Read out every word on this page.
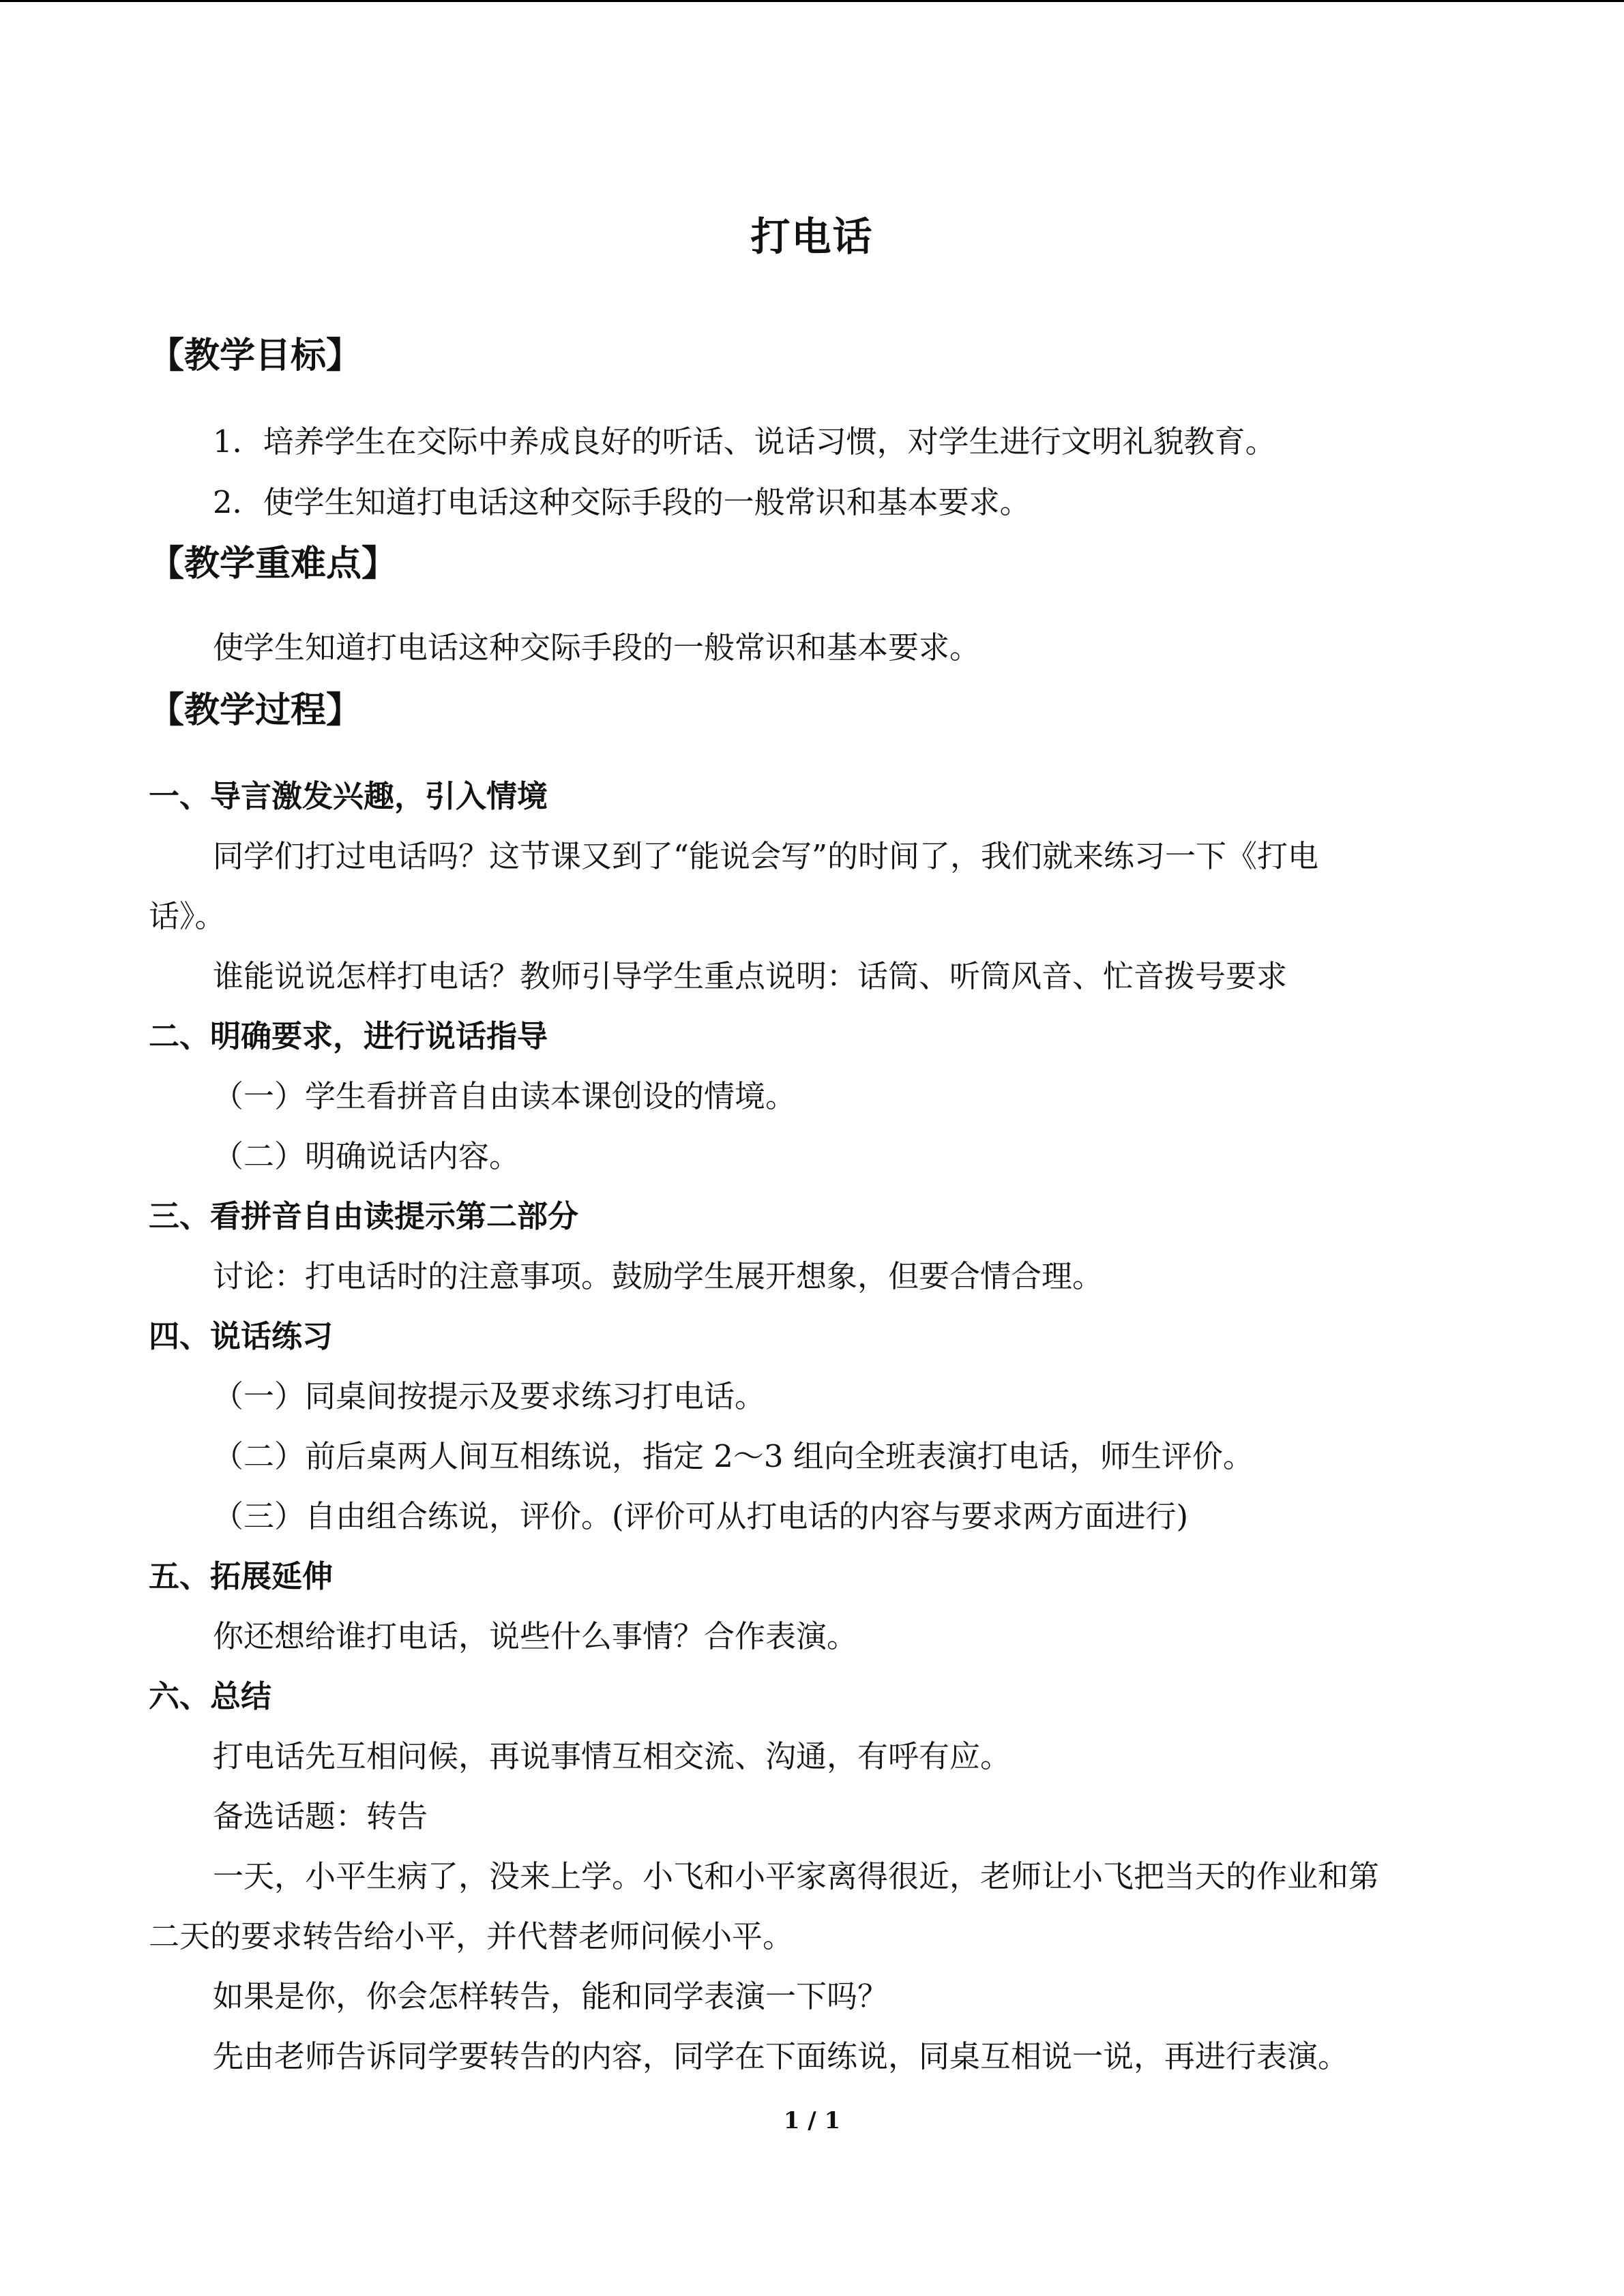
打电话
【教学目标】
1．培养学生在交际中养成良好的听话、说话习惯，对学生进行文明礼貌教育。
2．使学生知道打电话这种交际手段的一般常识和基本要求。
【教学重难点】
使学生知道打电话这种交际手段的一般常识和基本要求。
【教学过程】
一、导言激发兴趣，引入情境
同学们打过电话吗？这节课又到了“能说会写”的时间了，我们就来练习一下《打电
话》。
谁能说说怎样打电话？教师引导学生重点说明：话筒、听筒风音、忙音拨号要求
二、明确要求，进行说话指导
（一）学生看拼音自由读本课创设的情境。
（二）明确说话内容。
三、看拼音自由读提示第二部分
讨论：打电话时的注意事项。鼓励学生展开想象，但要合情合理。
四、说话练习
（一）同桌间按提示及要求练习打电话。
（二）前后桌两人间互相练说，指定 2～3 组向全班表演打电话，师生评价。
（三）自由组合练说，评价。(评价可从打电话的内容与要求两方面进行)
五、拓展延伸
你还想给谁打电话，说些什么事情？合作表演。
六、总结
打电话先互相问候，再说事情互相交流、沟通，有呼有应。
备选话题：转告
一天，小平生病了，没来上学。小飞和小平家离得很近，老师让小飞把当天的作业和第
二天的要求转告给小平，并代替老师问候小平。
如果是你，你会怎样转告，能和同学表演一下吗？
先由老师告诉同学要转告的内容，同学在下面练说，同桌互相说一说，再进行表演。
1 / 1
